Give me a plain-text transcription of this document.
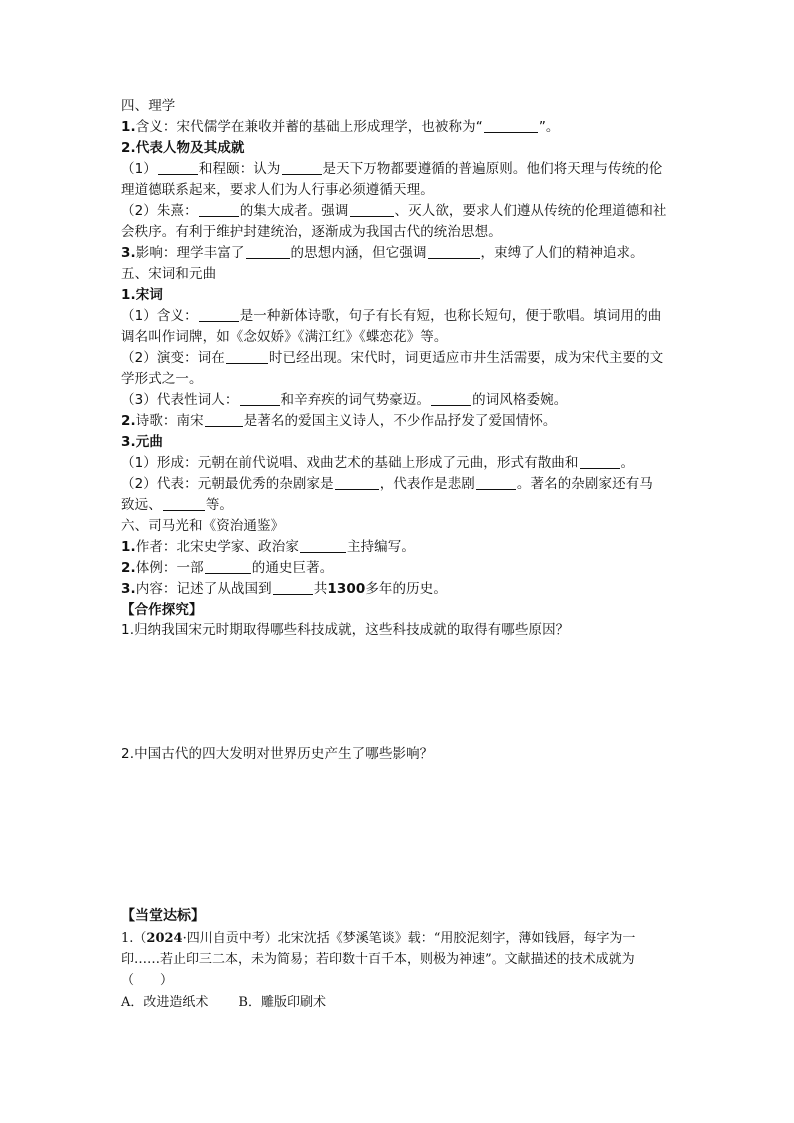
四、理学
1.含义：宋代儒学在兼收并蓄的基础上形成理学，也被称为“	”。
2.代表人物及其成就
（1）	和程颐：认为	是天下万物都要遵循的普遍原则。他们将天理与传统的伦
理道德联系起来，要求人们为人行事必须遵循天理。
（2）朱熹：	的集大成者。强调	、灭人欲，要求人们遵从传统的伦理道德和社
会秩序。有利于维护封建统治，逐渐成为我国古代的统治思想。
3.影响：理学丰富了	的思想内涵，但它强调	，束缚了人们的精神追求。
五、宋词和元曲
1.宋词
（1）含义：	是一种新体诗歌，句子有长有短，也称长短句，便于歌唱。填词用的曲
调名叫作词牌，如《念奴娇》《满江红》《蝶恋花》等。
（2）演变：词在	时已经出现。宋代时，词更适应市井生活需要，成为宋代主要的文
学形式之一。
（3）代表性词人：	和辛弃疾的词气势豪迈。	的词风格委婉。
2.诗歌：南宋	是著名的爱国主义诗人，不少作品抒发了爱国情怀。
3.元曲
（1）形成：元朝在前代说唱、戏曲艺术的基础上形成了元曲，形式有散曲和	。
（2）代表：元朝最优秀的杂剧家是	，代表作是悲剧	。著名的杂剧家还有马
致远、	等。
六、司马光和《资治通鉴》
1.作者：北宋史学家、政治家	主持编写。
2.体例：一部	的通史巨著。
3.内容：记述了从战国到	共1300多年的历史。
【合作探究】
1.归纳我国宋元时期取得哪些科技成就，这些科技成就的取得有哪些原因？
2.中国古代的四大发明对世界历史产生了哪些影响？
【当堂达标】
1.（2024·四川自贡中考）北宋沈括《梦溪笔谈》载：“用胶泥刻字，薄如钱唇，每字为一
印……若止印三二本，未为简易；若印数十百千本，则极为神速”。文献描述的技术成就为
（　　）
A．改进造纸术 B．雕版印刷术
